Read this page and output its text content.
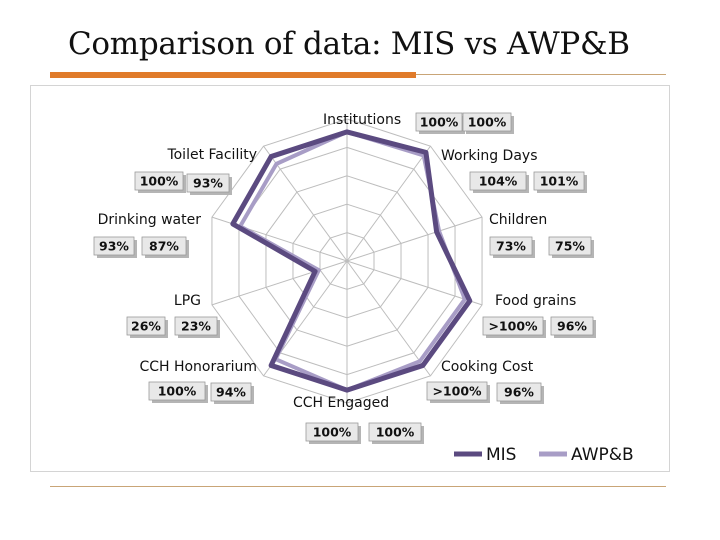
Comparison of data: MIS vs AWP&B
Institutions 100% 100%
Working Days
104% 101%
Children
73% 75%
Food grains
>100% 96%
Cooking Cost
>100% 96%
CCH Engaged
100% 100%
CCH Honorarium
100% 94%
LPG
26% 23%
Drinking water
93% 87%
Toilet Facility
100% 93%
MIS	AWP&B
